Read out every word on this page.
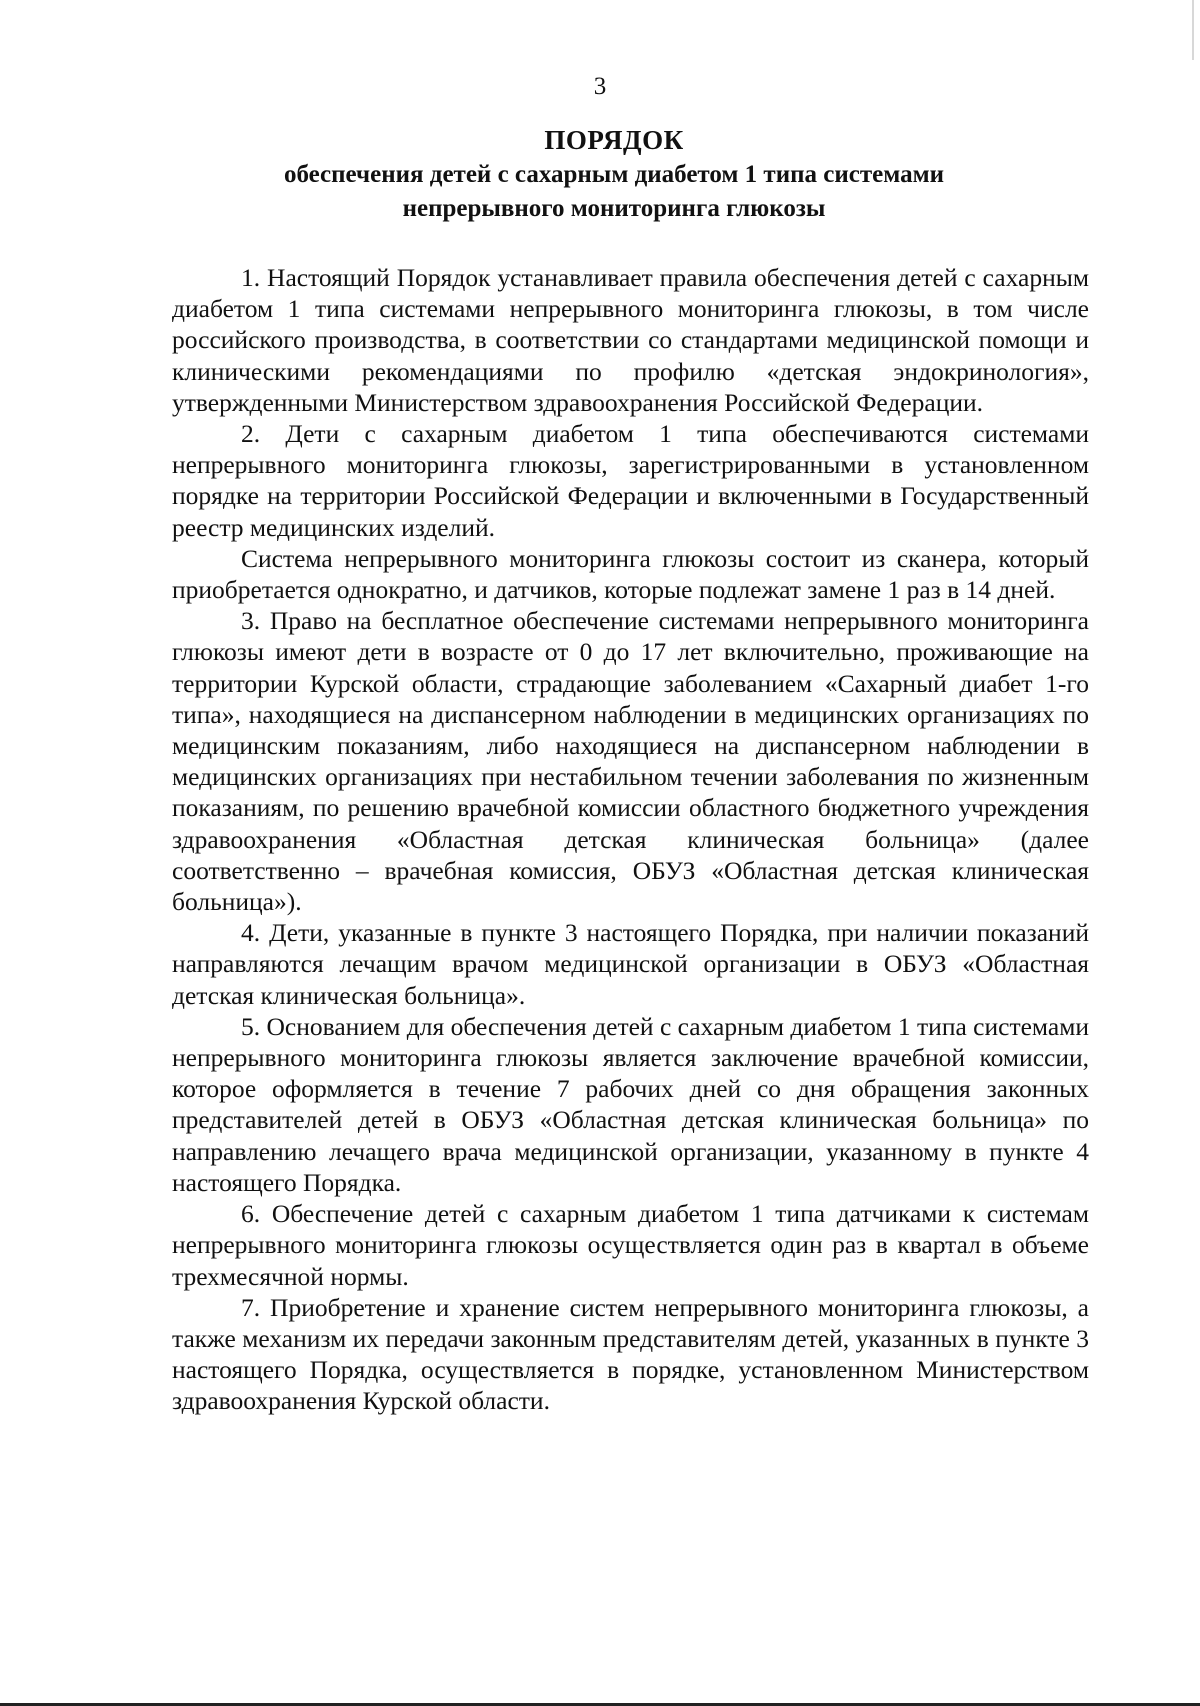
3
ПОРЯДОК
обеспечения детей с сахарным диабетом 1 типа системами
непрерывного мониторинга глюкозы

1. Настоящий Порядок устанавливает правила обеспечения детей с сахарным диабетом 1 типа системами непрерывного мониторинга глюкозы, в том числе российского производства, в соответствии со стандартами медицинской помощи и клиническими рекомендациями по профилю «детская эндокринология», утвержденными Министерством здравоохранения Российской Федерации.

2. Дети с сахарным диабетом 1 типа обеспечиваются системами непрерывного мониторинга глюкозы, зарегистрированными в установленном порядке на территории Российской Федерации и включенными в Государственный реестр медицинских изделий.

Система непрерывного мониторинга глюкозы состоит из сканера, который приобретается однократно, и датчиков, которые подлежат замене 1 раз в 14 дней.

3. Право на бесплатное обеспечение системами непрерывного мониторинга глюкозы имеют дети в возрасте от 0 до 17 лет включительно, проживающие на территории Курской области, страдающие заболеванием «Сахарный диабет 1-го типа», находящиеся на диспансерном наблюдении в медицинских организациях по медицинским показаниям, либо находящиеся на диспансерном наблюдении в медицинских организациях при нестабильном течении заболевания по жизненным показаниям, по решению врачебной комиссии областного бюджетного учреждения здравоохранения «Областная детская клиническая больница» (далее соответственно – врачебная комиссия, ОБУЗ «Областная детская клиническая больница»).

4. Дети, указанные в пункте 3 настоящего Порядка, при наличии показаний направляются лечащим врачом медицинской организации в ОБУЗ «Областная детская клиническая больница».

5. Основанием для обеспечения детей с сахарным диабетом 1 типа системами непрерывного мониторинга глюкозы является заключение врачебной комиссии, которое оформляется в течение 7 рабочих дней со дня обращения законных представителей детей в ОБУЗ «Областная детская клиническая больница» по направлению лечащего врача медицинской организации, указанному в пункте 4 настоящего Порядка.

6. Обеспечение детей с сахарным диабетом 1 типа датчиками к системам непрерывного мониторинга глюкозы осуществляется один раз в квартал в объеме трехмесячной нормы.

7. Приобретение и хранение систем непрерывного мониторинга глюкозы, а также механизм их передачи законным представителям детей, указанных в пункте 3 настоящего Порядка, осуществляется в порядке, установленном Министерством здравоохранения Курской области.
